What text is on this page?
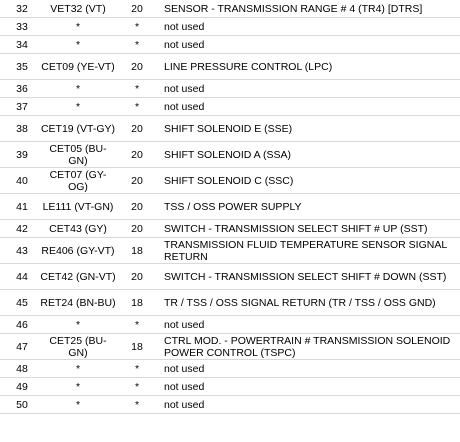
32	VET32 (VT)	20	SENSOR - TRANSMISSION RANGE # 4 (TR4) [DTRS]
33	*	*	not used
34	*	*	not used
35	CET09 (YE-VT)	20	LINE PRESSURE CONTROL (LPC)
36	*	*	not used
37	*	*	not used
38	CET19 (VT-GY)	20	SHIFT SOLENOID E (SSE)
39	CET05 (BU-GN)	20	SHIFT SOLENOID A (SSA)
40	CET07 (GY-OG)	20	SHIFT SOLENOID C (SSC)
41	LE111 (VT-GN)	20	TSS / OSS POWER SUPPLY
42	CET43 (GY)	20	SWITCH - TRANSMISSION SELECT SHIFT # UP (SST)
43	RE406 (GY-VT)	18	TRANSMISSION FLUID TEMPERATURE SENSOR SIGNAL RETURN
44	CET42 (GN-VT)	20	SWITCH - TRANSMISSION SELECT SHIFT # DOWN (SST)
45	RET24 (BN-BU)	18	TR / TSS / OSS SIGNAL RETURN (TR / TSS / OSS GND)
46	*	*	not used
47	CET25 (BU-GN)	18	CTRL MOD. - POWERTRAIN # TRANSMISSION SOLENOID POWER CONTROL (TSPC)
48	*	*	not used
49	*	*	not used
50	*	*	not used
